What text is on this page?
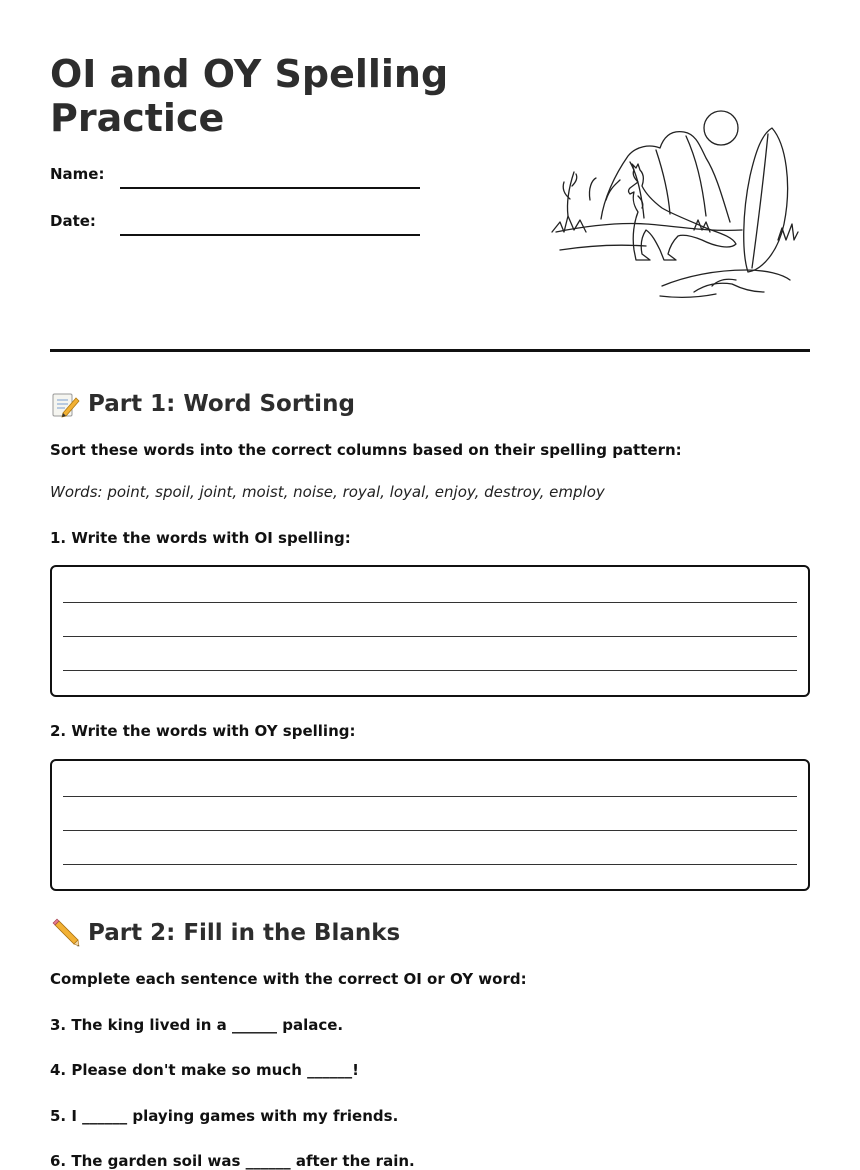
OI and OY Spelling Practice
Name:
Date:
Part 1: Word Sorting
Sort these words into the correct columns based on their spelling pattern:
Words: point, spoil, joint, moist, noise, royal, loyal, enjoy, destroy, employ
1. Write the words with OI spelling:
2. Write the words with OY spelling:
Part 2: Fill in the Blanks
Complete each sentence with the correct OI or OY word:
3. The king lived in a ______ palace.
4. Please don't make so much ______!
5. I ______ playing games with my friends.
6. The garden soil was ______ after the rain.
